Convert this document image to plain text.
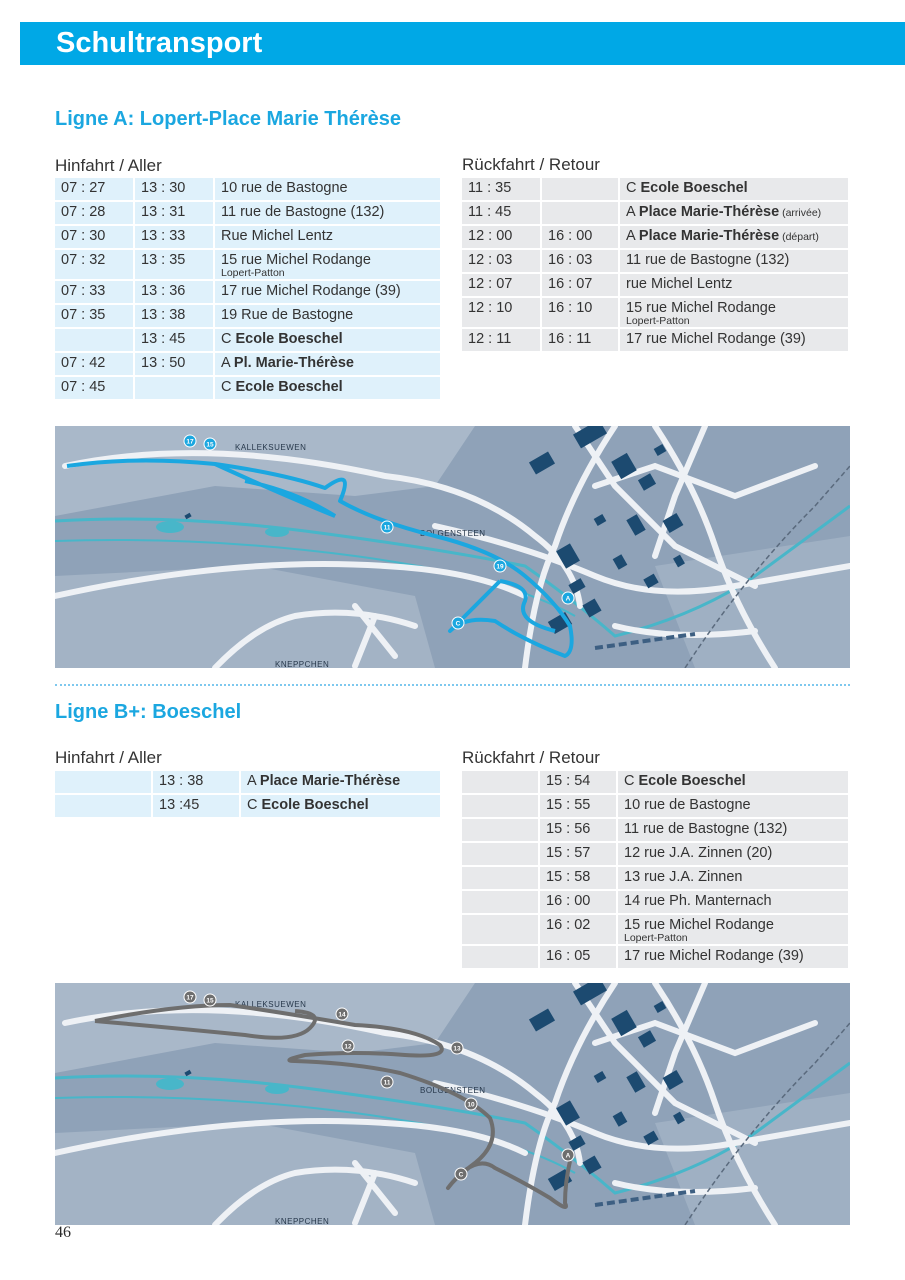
Schultransport
Ligne A: Lopert-Place Marie Thérèse
Hinfahrt / Aller	Rückfahrt / Retour
07 : 27	13 : 30	10 rue de Bastogne
07 : 28	13 : 31	11 rue de Bastogne (132)
07 : 30	13 : 33	Rue Michel Lentz
07 : 32	13 : 35	15 rue Michel Rodange
Lopert-Patton

07 : 33	13 : 36	17 rue Michel Rodange (39)
07 : 35	13 : 38	19 Rue de Bastogne
	13 : 45	C Ecole Boeschel
07 : 42	13 : 50	A Pl. Marie-Thérèse
07 : 45		C Ecole Boeschel
11 : 35		C Ecole Boeschel
11 : 45		A Place Marie-Thérèse (arrivée)
12 : 00	16 : 00	A Place Marie-Thérèse (départ)
12 : 03	16 : 03	11 rue de Bastogne (132)
12 : 07	16 : 07	rue Michel Lentz
12 : 10	16 : 10	15 rue Michel Rodange
Lopert-Patton

12 : 11	16 : 11	17 rue Michel Rodange (39)
KALLEKSUEWEN
BOLGENSTEEN
KNEPPCHEN
17 15
11
19
C
A
Ligne B+: Boeschel
Hinfahrt / Aller	Rückfahrt / Retour
	13 : 38	A Place Marie-Thérèse
	13 :45	C Ecole Boeschel
	15 : 54	C Ecole Boeschel
	15 : 55	10 rue de Bastogne
	15 : 56	11 rue de Bastogne (132)
	15 : 57	12 rue J.A. Zinnen (20)
	15 : 58	13 rue J.A. Zinnen
	16 : 00	14 rue Ph. Manternach
	16 : 02	15 rue Michel Rodange
Lopert-Patton

	16 : 05	17 rue Michel Rodange (39)
KALLEKSUEWEN
BOLGENSTEEN
KNEPPCHEN
17 15
14
12	13
11
10
C
A
46
